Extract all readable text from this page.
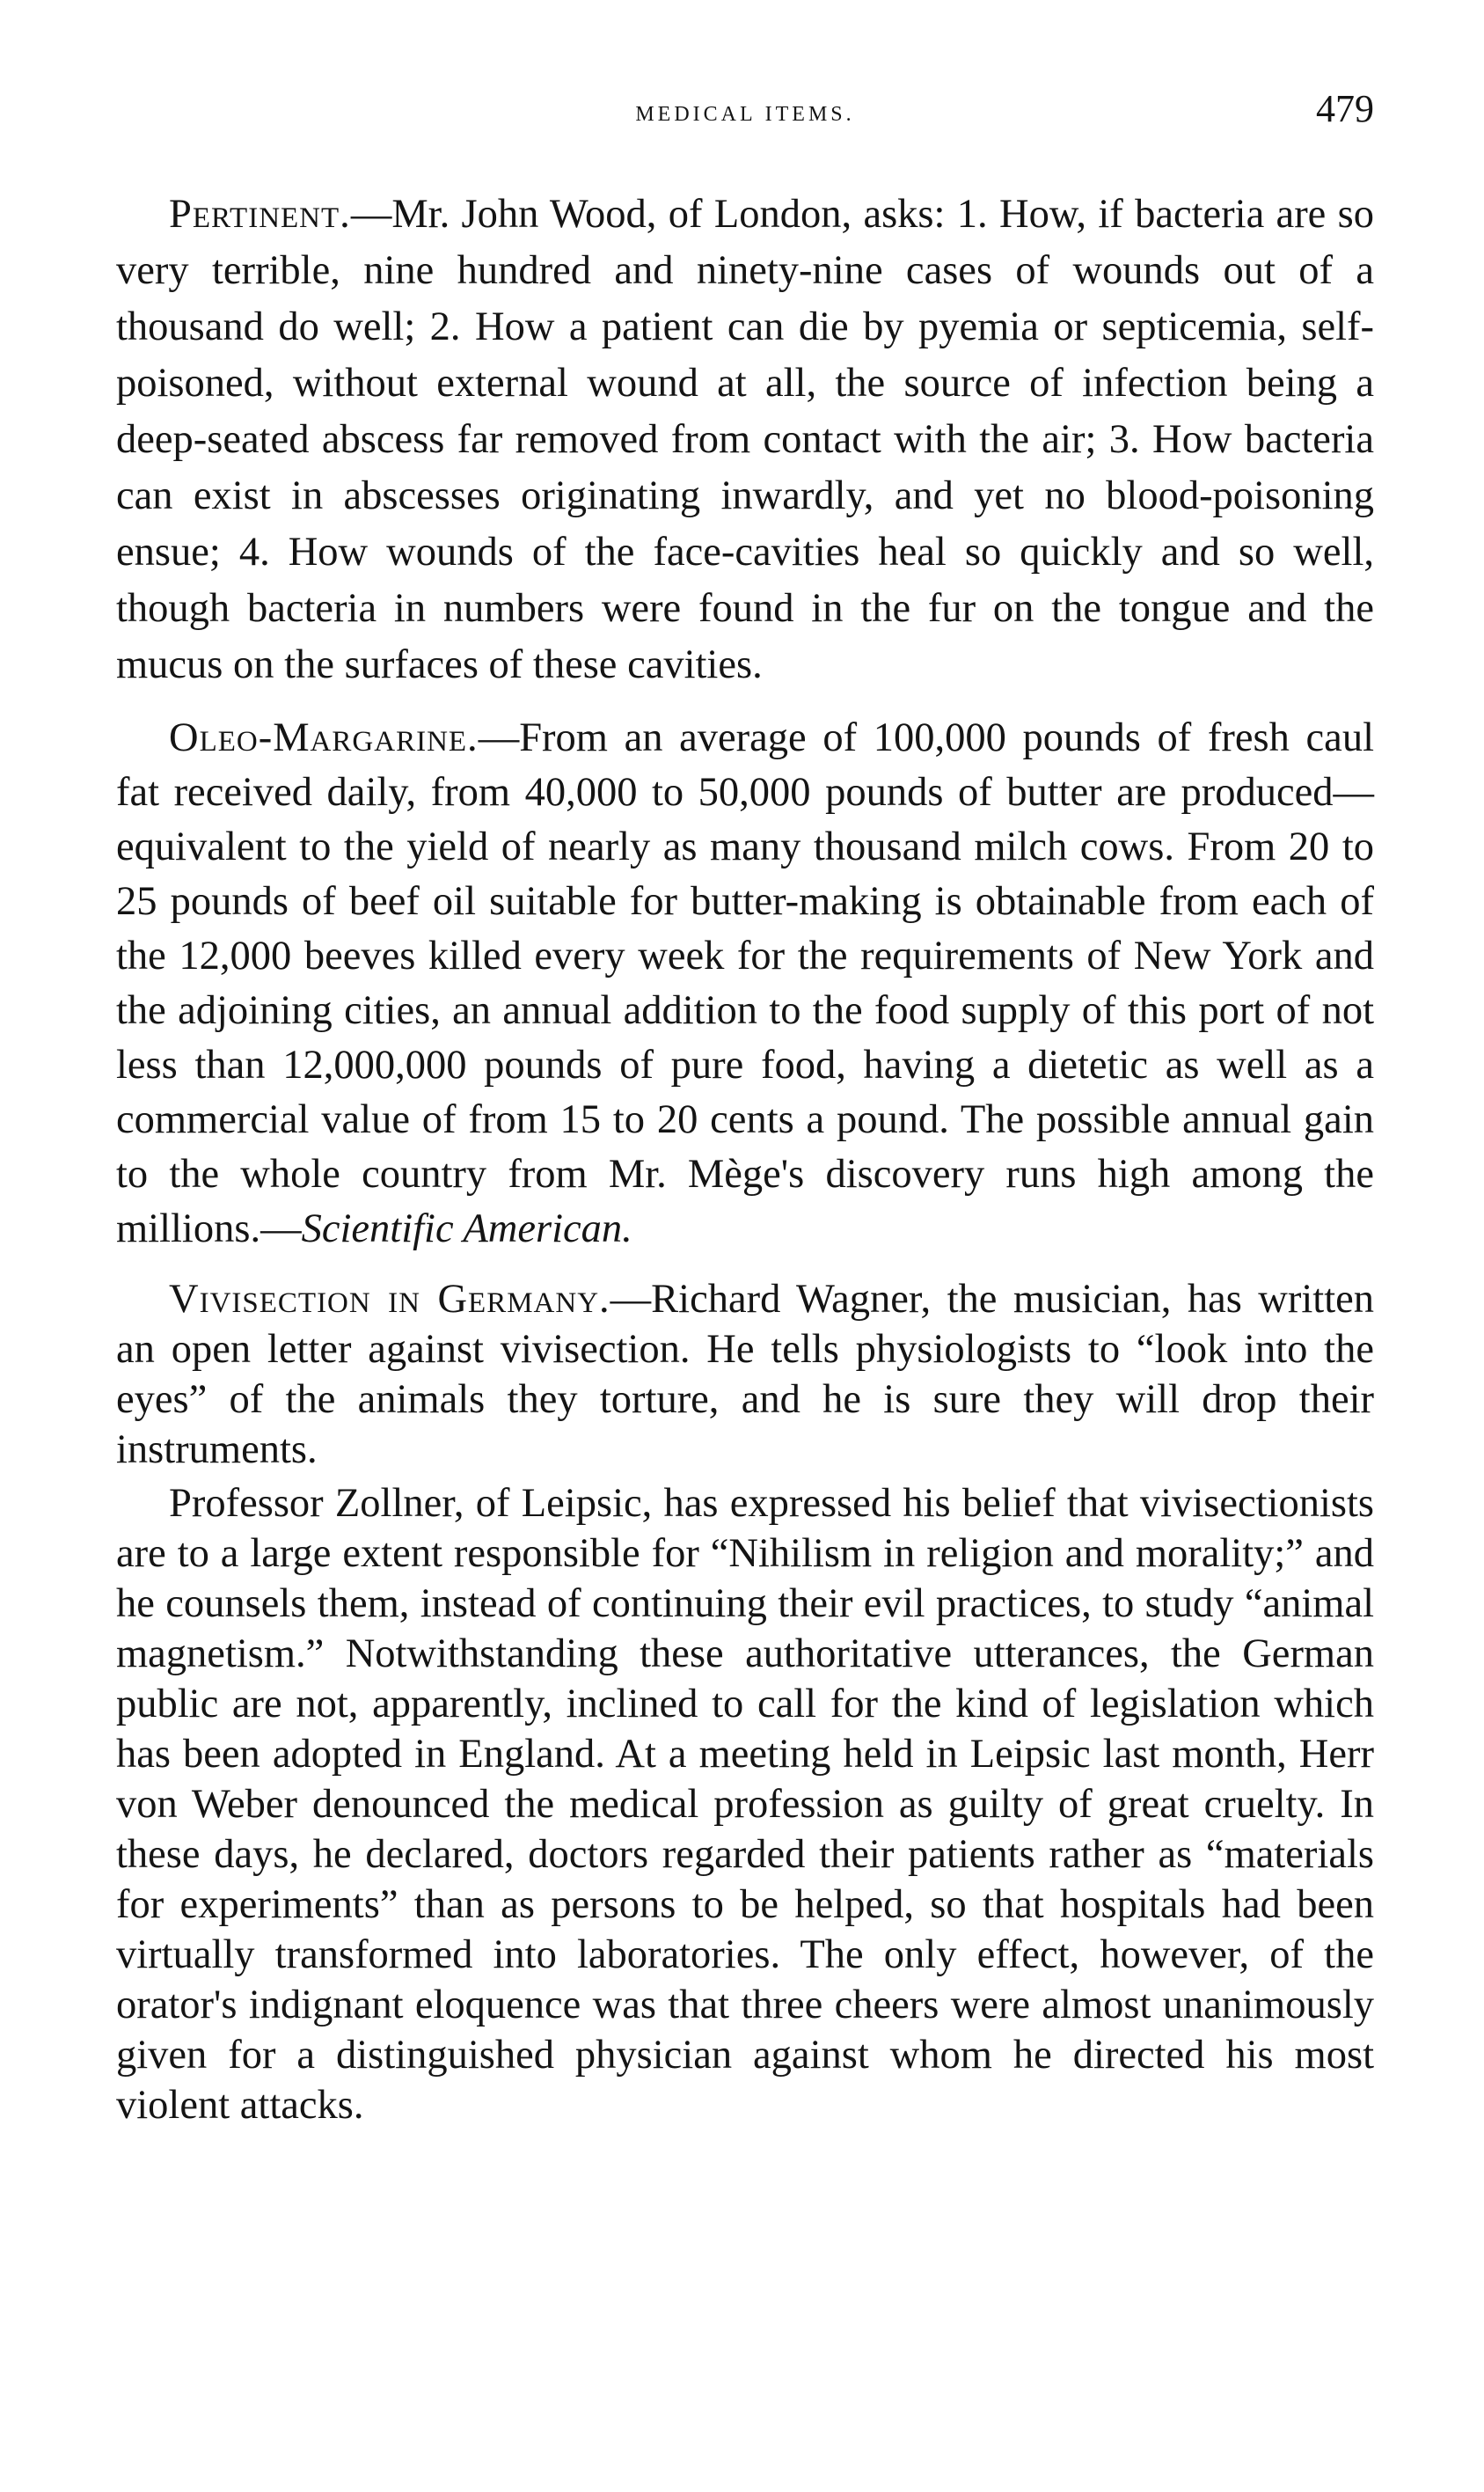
medical items.	479

Pertinent.—Mr. John Wood, of London, asks: 1. How, if bacteria are so very terrible, nine hundred and ninety-nine cases of wounds out of a thousand do well; 2. How a patient can die by pyemia or septicemia, self-poisoned, without external wound at all, the source of infection being a deep-seated abscess far removed from contact with the air; 3. How bacteria can exist in abscesses originating inwardly, and yet no blood-poisoning ensue; 4. How wounds of the face-cavities heal so quickly and so well, though bacteria in numbers were found in the fur on the tongue and the mucus on the surfaces of these cavities.

Oleo-Margarine.—From an average of 100,000 pounds of fresh caul fat received daily, from 40,000 to 50,000 pounds of butter are produced—equivalent to the yield of nearly as many thousand milch cows. From 20 to 25 pounds of beef oil suitable for butter-making is obtainable from each of the 12,000 beeves killed every week for the requirements of New York and the adjoining cities, an annual addition to the food supply of this port of not less than 12,000,000 pounds of pure food, having a dietetic as well as a commercial value of from 15 to 20 cents a pound. The possible annual gain to the whole country from Mr. Mège's discovery runs high among the millions.—Scientific American.

Vivisection in Germany.—Richard Wagner, the musician, has written an open letter against vivisection. He tells physiologists to “look into the eyes” of the animals they torture, and he is sure they will drop their instruments.

Professor Zollner, of Leipsic, has expressed his belief that vivisectionists are to a large extent responsible for “Nihilism in religion and morality;” and he counsels them, instead of continuing their evil practices, to study “animal magnetism.” Notwithstanding these authoritative utterances, the German public are not, apparently, inclined to call for the kind of legislation which has been adopted in England. At a meeting held in Leipsic last month, Herr von Weber denounced the medical profession as guilty of great cruelty. In these days, he declared, doctors regarded their patients rather as “materials for experiments” than as persons to be helped, so that hospitals had been virtually transformed into laboratories. The only effect, however, of the orator's indignant eloquence was that three cheers were almost unanimously given for a distinguished physician against whom he directed his most violent attacks.
